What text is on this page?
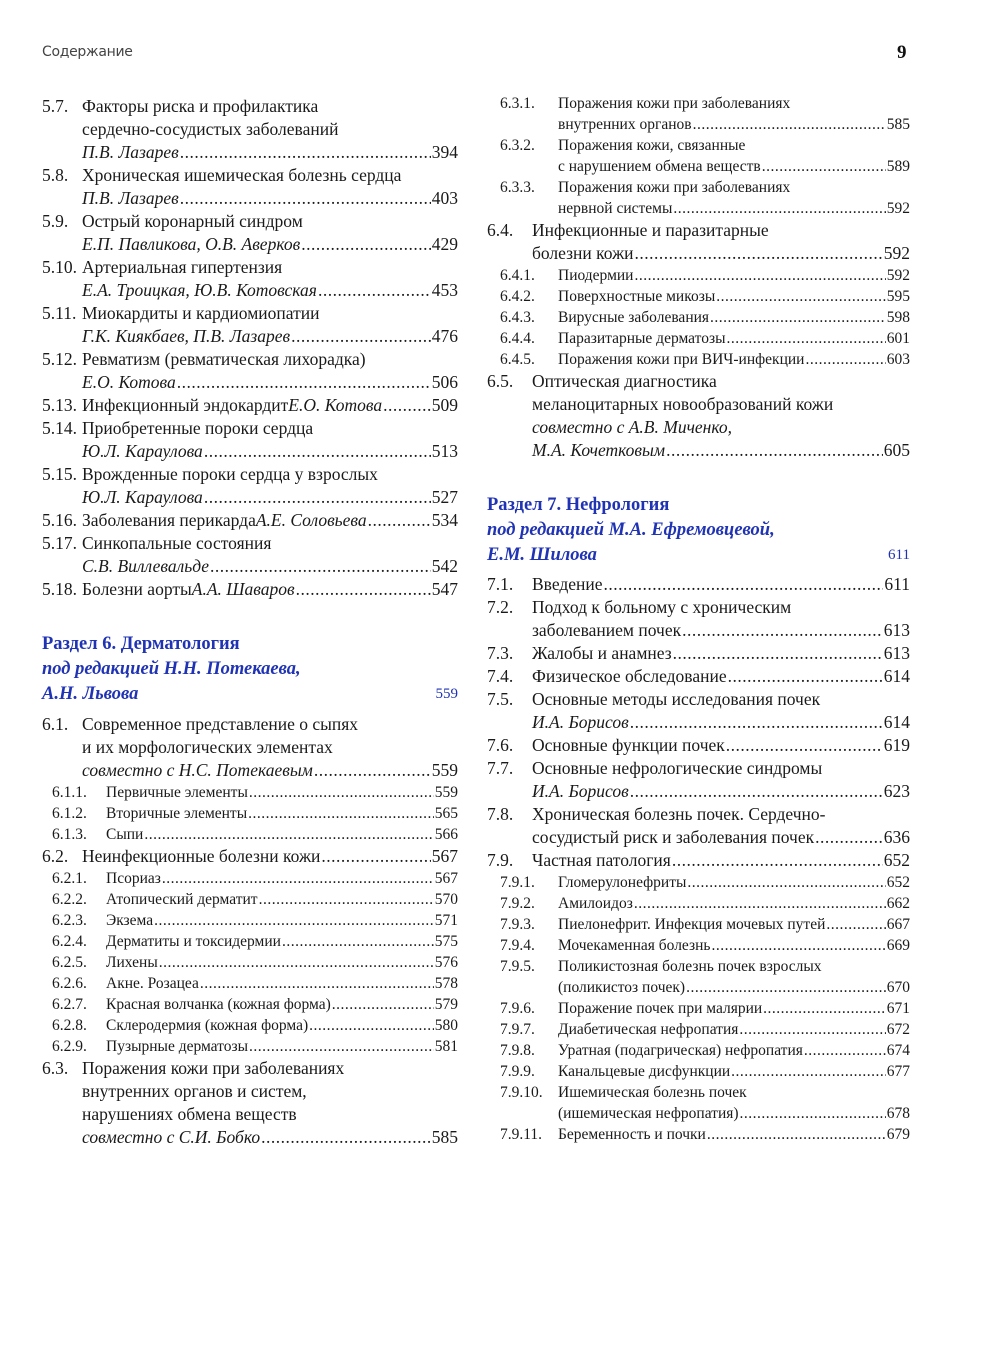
Содержание	9
5.7. Факторы риска и профилактика
сердечно-сосудистых заболеваний
П.В. Лазарев .....	394
5.8. Хроническая ишемическая болезнь сердца
П.В. Лазарев .....	403
5.9. Острый коронарный синдром
Е.П. Павликова, О.В. Аверков .....	429
5.10. Артериальная гипертензия
Е.А. Троицкая, Ю.В. Котовская .....	453
5.11. Миокардиты и кардиомиопатии
Г.К. Киякбаев, П.В. Лазарев .....	476
5.12. Ревматизм (ревматическая лихорадка)
Е.О. Котова .....	506
5.13. Инфекционный эндокардит Е.О. Котова .....	509
5.14. Приобретенные пороки сердца
Ю.Л. Караулова .....	513
5.15. Врожденные пороки сердца у взрослых
Ю.Л. Караулова .....	527
5.16. Заболевания перикарда А.Е. Соловьева .....	534
5.17. Синкопальные состояния
С.В. Виллевальде .....	542
5.18. Болезни аорты А.А. Шаваров .....	547
Раздел 6. Дерматология
под редакцией Н.Н. Потекаева,
А.Н. Львова	559
6.1. Современное представление о сыпях
и их морфологических элементах
совместно с Н.С. Потекаевым .....	559
6.1.1. Первичные элементы .....	559
6.1.2. Вторичные элементы .....	565
6.1.3. Сыпи .....	566
6.2. Неинфекционные болезни кожи .....	567
6.2.1. Псориаз .....	567
6.2.2. Атопический дерматит .....	570
6.2.3. Экзема .....	571
6.2.4. Дерматиты и токсидермии .....	575
6.2.5. Лихены .....	576
6.2.6. Акне. Розацеа .....	578
6.2.7. Красная волчанка (кожная форма) .....	579
6.2.8. Склеродермия (кожная форма) .....	580
6.2.9. Пузырные дерматозы .....	581
6.3. Поражения кожи при заболеваниях
внутренних органов и систем,
нарушениях обмена веществ
совместно с С.И. Бобко .....	585
6.3.1. Поражения кожи при заболеваниях
внутренних органов .....	585
6.3.2. Поражения кожи, связанные
с нарушением обмена веществ .....	589
6.3.3. Поражения кожи при заболеваниях
нервной системы .....	592
6.4. Инфекционные и паразитарные
болезни кожи .....	592
6.4.1. Пиодермии .....	592
6.4.2. Поверхностные микозы .....	595
6.4.3. Вирусные заболевания .....	598
6.4.4. Паразитарные дерматозы .....	601
6.4.5. Поражения кожи при ВИЧ-инфекции .....	603
6.5. Оптическая диагностика
меланоцитарных новообразований кожи
совместно с А.В. Миченко,
М.А. Кочетковым .....	605
Раздел 7. Нефрология
под редакцией М.А. Ефремовцевой,
Е.М. Шилова	611
7.1. Введение .....	611
7.2. Подход к больному с хроническим
заболеванием почек .....	613
7.3. Жалобы и анамнез .....	613
7.4. Физическое обследование .....	614
7.5. Основные методы исследования почек
И.А. Борисов .....	614
7.6. Основные функции почек .....	619
7.7. Основные нефрологические синдромы
И.А. Борисов .....	623
7.8. Хроническая болезнь почек. Сердечно-
сосудистый риск и заболевания почек .....	636
7.9. Частная патология .....	652
7.9.1. Гломерулонефриты .....	652
7.9.2. Амилоидоз .....	662
7.9.3. Пиелонефрит. Инфекция мочевых путей .....	667
7.9.4. Мочекаменная болезнь .....	669
7.9.5. Поликистозная болезнь почек взрослых
(поликистоз почек) .....	670
7.9.6. Поражение почек при малярии .....	671
7.9.7. Диабетическая нефропатия .....	672
7.9.8. Уратная (подагрическая) нефропатия .....	674
7.9.9. Канальцевые дисфункции .....	677
7.9.10. Ишемическая болезнь почек
(ишемическая нефропатия) .....	678
7.9.11. Беременность и почки .....	679
